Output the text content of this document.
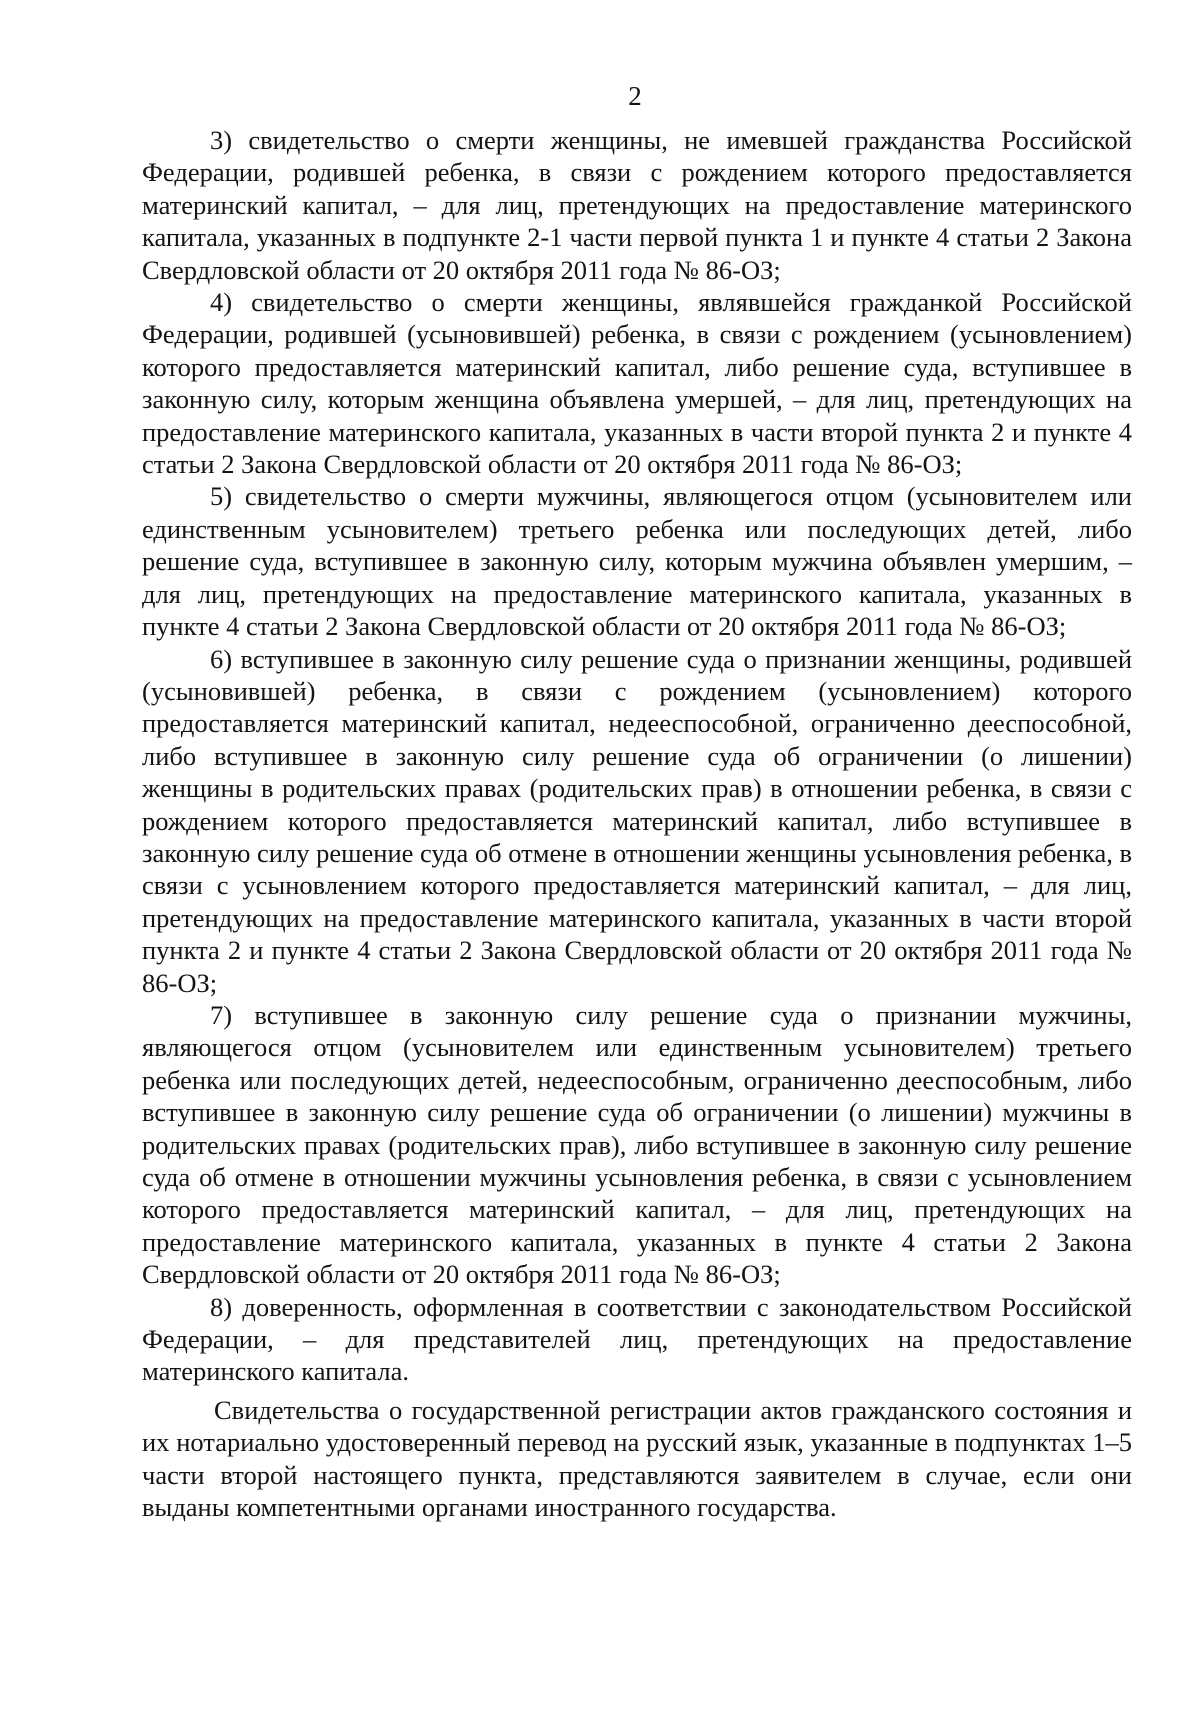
2

3) свидетельство о смерти женщины, не имевшей гражданства Российской Федерации, родившей ребенка, в связи с рождением которого предоставляется материнский капитал, – для лиц, претендующих на предоставление материнского капитала, указанных в подпункте 2-1 части первой пункта 1 и пункте 4 статьи 2 Закона Свердловской области от 20 октября 2011 года № 86-ОЗ;

4) свидетельство о смерти женщины, являвшейся гражданкой Российской Федерации, родившей (усыновившей) ребенка, в связи с рождением (усыновлением) которого предоставляется материнский капитал, либо решение суда, вступившее в законную силу, которым женщина объявлена умершей, – для лиц, претендующих на предоставление материнского капитала, указанных в части второй пункта 2 и пункте 4 статьи 2 Закона Свердловской области от 20 октября 2011 года № 86-ОЗ;

5) свидетельство о смерти мужчины, являющегося отцом (усыновителем или единственным усыновителем) третьего ребенка или последующих детей, либо решение суда, вступившее в законную силу, которым мужчина объявлен умершим, – для лиц, претендующих на предоставление материнского капитала, указанных в пункте 4 статьи 2 Закона Свердловской области от 20 октября 2011 года № 86-ОЗ;

6) вступившее в законную силу решение суда о признании женщины, родившей (усыновившей) ребенка, в связи с рождением (усыновлением) которого предоставляется материнский капитал, недееспособной, ограниченно дееспособной, либо вступившее в законную силу решение суда об ограничении (о лишении) женщины в родительских правах (родительских прав) в отношении ребенка, в связи с рождением которого предоставляется материнский капитал, либо вступившее в законную силу решение суда об отмене в отношении женщины усыновления ребенка, в связи с усыновлением которого предоставляется материнский капитал, – для лиц, претендующих на предоставление материнского капитала, указанных в части второй пункта 2 и пункте 4 статьи 2 Закона Свердловской области от 20 октября 2011 года № 86-ОЗ;

7) вступившее в законную силу решение суда о признании мужчины, являющегося отцом (усыновителем или единственным усыновителем) третьего ребенка или последующих детей, недееспособным, ограниченно дееспособным, либо вступившее в законную силу решение суда об ограничении (о лишении) мужчины в родительских правах (родительских прав), либо вступившее в законную силу решение суда об отмене в отношении мужчины усыновления ребенка, в связи с усыновлением которого предоставляется материнский капитал, – для лиц, претендующих на предоставление материнского капитала, указанных в пункте 4 статьи 2 Закона Свердловской области от 20 октября 2011 года № 86-ОЗ;

8) доверенность, оформленная в соответствии с законодательством Российской Федерации, – для представителей лиц, претендующих на предоставление материнского капитала.

Свидетельства о государственной регистрации актов гражданского состояния и их нотариально удостоверенный перевод на русский язык, указанные в подпунктах 1–5 части второй настоящего пункта, представляются заявителем в случае, если они выданы компетентными органами иностранного государства.
